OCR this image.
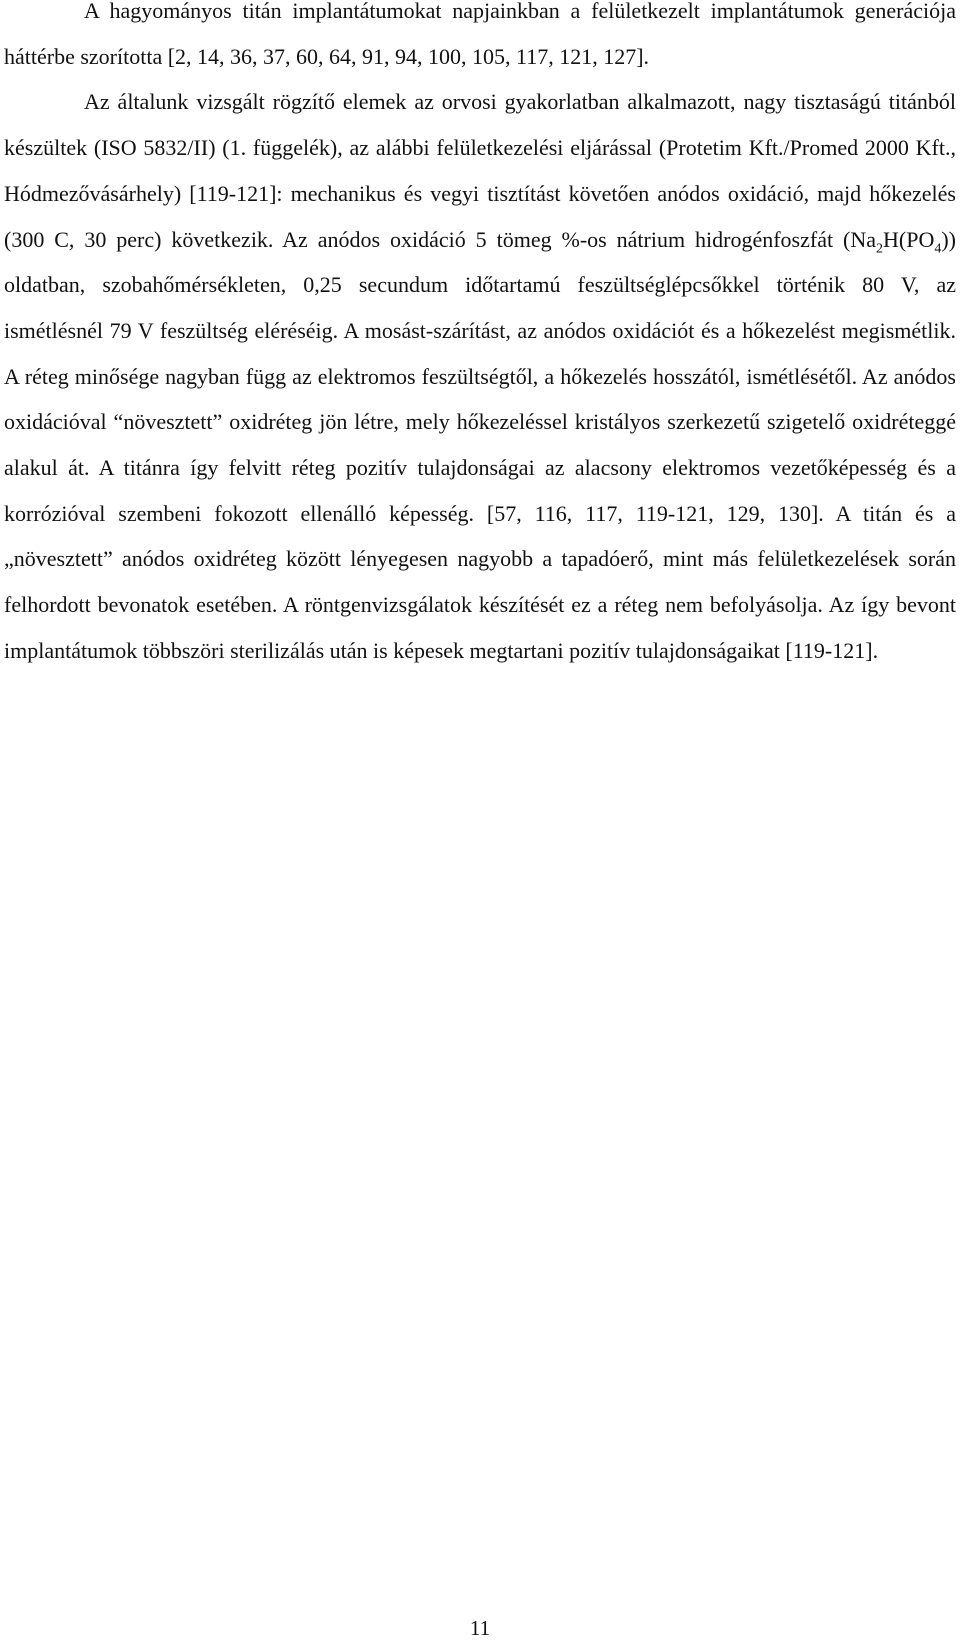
A hagyományos titán implantátumokat napjainkban a felületkezelt implantátumok generációja háttérbe szorította [2, 14, 36, 37, 60, 64, 91, 94, 100, 105, 117, 121, 127].

Az általunk vizsgált rögzítő elemek az orvosi gyakorlatban alkalmazott, nagy tisztaságú titánból készültek (ISO 5832/II) (1. függelék), az alábbi felületkezelési eljárással (Protetim Kft./Promed 2000 Kft., Hódmezővásárhely) [119-121]: mechanikus és vegyi tisztítást követően anódos oxidáció, majd hőkezelés (300 C, 30 perc) következik. Az anódos oxidáció 5 tömeg %-os nátrium hidrogénfoszfát $(Na_2H(PO_4))$ oldatban, szobahőmérsékleten, 0,25 secundum időtartamú feszültséglépcsőkkel történik 80 V, az ismétlésnél 79 V feszültség eléréséig. A mosást-szárítást, az anódos oxidációt és a hőkezelést megismétlik. A réteg minősége nagyban függ az elektromos feszültségtől, a hőkezelés hosszától, ismétlésétől. Az anódos oxidációval “növesztett” oxidréteg jön létre, mely hőkezeléssel kristályos szerkezetű szigetelő oxidréteggé alakul át. A titánra így felvitt réteg pozitív tulajdonságai az alacsony elektromos vezetőképesség és a korrózióval szembeni fokozott ellenálló képesség. [57, 116, 117, 119-121, 129, 130]. A titán és a „növesztett” anódos oxidréteg között lényegesen nagyobb a tapadóerő, mint más felületkezelések során felhordott bevonatok esetében. A röntgenvizsgálatok készítését ez a réteg nem befolyásolja. Az így bevont implantátumok többszöri sterilizálás után is képesek megtartani pozitív tulajdonságaikat [119-121].

11
